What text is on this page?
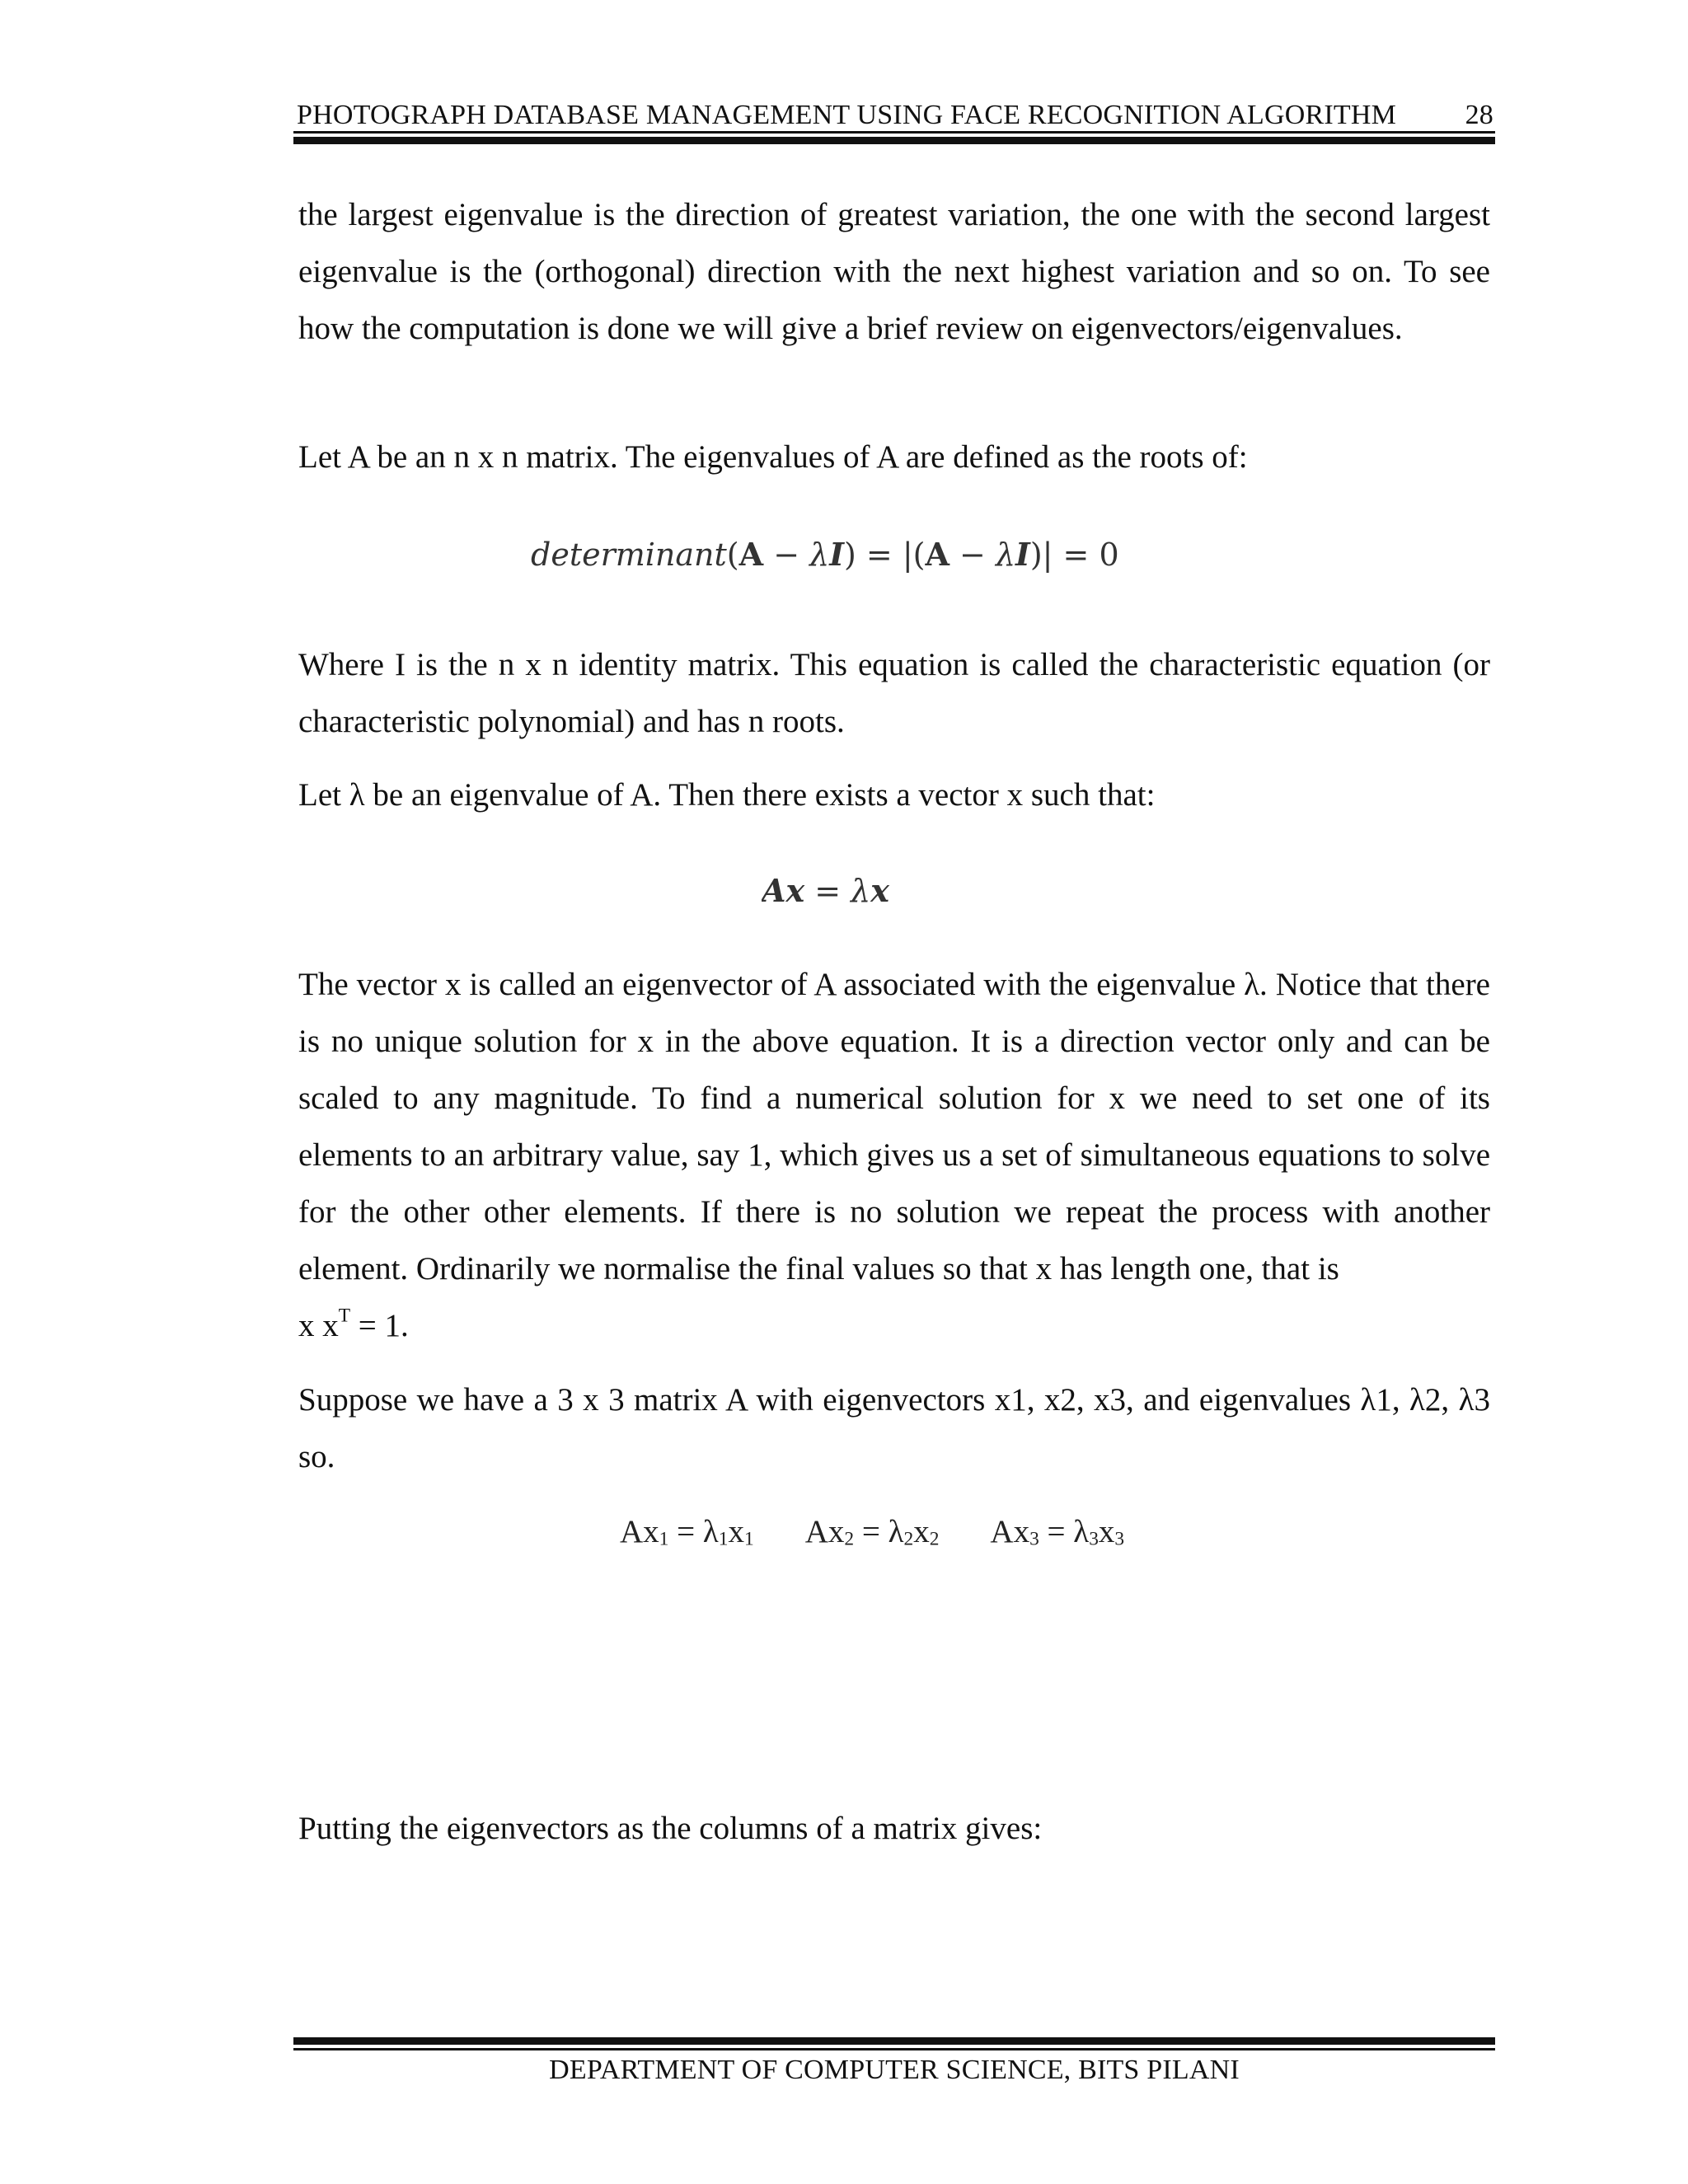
PHOTOGRAPH DATABASE MANAGEMENT USING FACE RECOGNITION ALGORITHM 28

the largest eigenvalue is the direction of greatest variation, the one with the second largest eigenvalue is the (orthogonal) direction with the next highest variation and so on. To see how the computation is done we will give a brief review on eigenvectors/eigenvalues.

Let A be an n x n matrix. The eigenvalues of A are defined as the roots of:

determinant(A − λI) = |(A − λI)| = 0

Where I is the n x n identity matrix. This equation is called the characteristic equation (or characteristic polynomial) and has n roots.

Let λ be an eigenvalue of A. Then there exists a vector x such that:

Ax = λx
The vector x is called an eigenvector of A associated with the eigenvalue λ. Notice that there is no unique solution for x in the above equation. It is a direction vector only and can be scaled to any magnitude. To find a numerical solution for x we need to set one of its elements to an arbitrary value, say 1, which gives us a set of simultaneous equations to solve for the other other elements. If there is no solution we repeat the process with another element. Ordinarily we normalise the final values so that x has length one, that is
x $x^T = 1$.

Suppose we have a 3 x 3 matrix A with eigenvectors x1, x2, x3, and eigenvalues λ1, λ2, λ3 so.

$Ax_1 = \lambda_1x_1$ $Ax_2 = \lambda_2x_2$ $Ax_3 = \lambda_3x_3$

Putting the eigenvectors as the columns of a matrix gives:

DEPARTMENT OF COMPUTER SCIENCE, BITS PILANI
